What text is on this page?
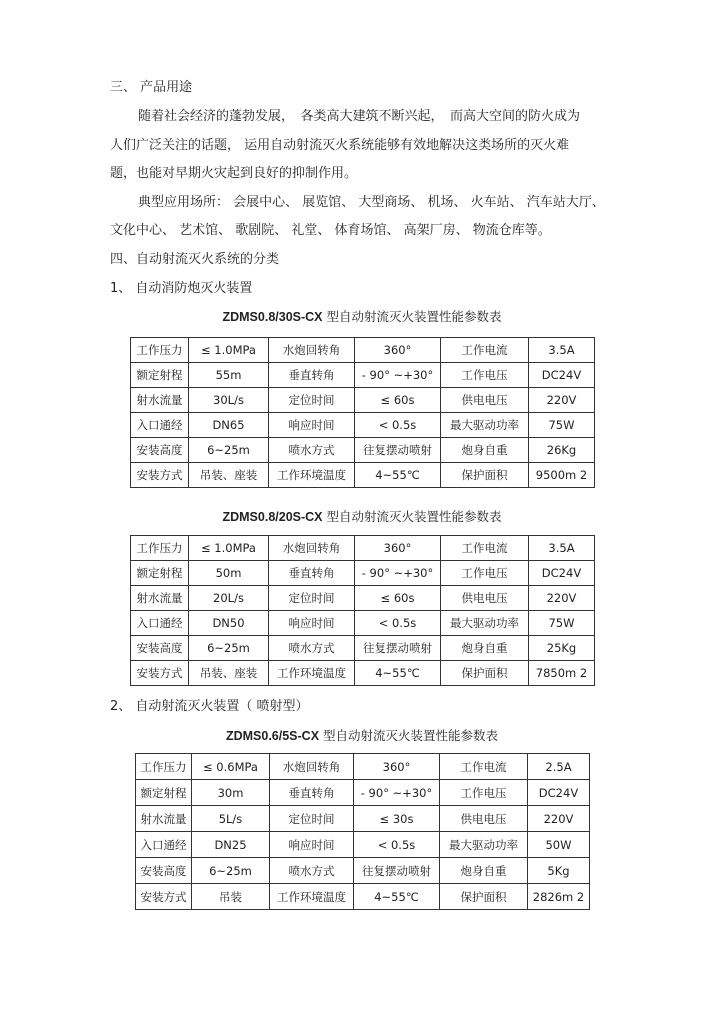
三、 产品用途
随着社会经济的蓬勃发展，　各类高大建筑不断兴起，　而高大空间的防火成为
人们广泛关注的话题， 运用自动射流灭火系统能够有效地解决这类场所的灭火难
题，也能对早期火灾起到良好的抑制作用。
典型应用场所： 会展中心、 展览馆、 大型商场、 机场、 火车站、 汽车站大厅、
文化中心、 艺术馆、 歌剧院、 礼堂、 体育场馆、 高架厂房、 物流仓库等。
四、自动射流灭火系统的分类
1、 自动消防炮灭火装置
ZDMS0.8/30S-CX 型自动射流灭火装置性能参数表
工作压力	≤ 1.0MPa	水炮回转角	360°	工作电流	3.5A
额定射程	55m	垂直转角	- 90° ~+30°	工作电压	DC24V
射水流量	30L/s	定位时间	≤ 60s	供电电压	220V
入口通经	DN65	响应时间	< 0.5s	最大驱动功率	75W
安装高度	6~25m	喷水方式	往复摆动喷射	炮身自重	26Kg
安装方式	吊装、座装	工作环境温度	4~55℃	保护面积	9500m 2
ZDMS0.8/20S-CX 型自动射流灭火装置性能参数表
工作压力	≤ 1.0MPa	水炮回转角	360°	工作电流	3.5A
额定射程	50m	垂直转角	- 90° ~+30°	工作电压	DC24V
射水流量	20L/s	定位时间	≤ 60s	供电电压	220V
入口通经	DN50	响应时间	< 0.5s	最大驱动功率	75W
安装高度	6~25m	喷水方式	往复摆动喷射	炮身自重	25Kg
安装方式	吊装、座装	工作环境温度	4~55℃	保护面积	7850m 2
2、 自动射流灭火装置（ 喷射型）
ZDMS0.6/5S-CX 型自动射流灭火装置性能参数表
工作压力	≤ 0.6MPa	水炮回转角	360°	工作电流	2.5A
额定射程	30m	垂直转角	- 90° ~+30°	工作电压	DC24V
射水流量	5L/s	定位时间	≤ 30s	供电电压	220V
入口通经	DN25	响应时间	< 0.5s	最大驱动功率	50W
安装高度	6~25m	喷水方式	往复摆动喷射	炮身自重	5Kg
安装方式	吊装	工作环境温度	4~55℃	保护面积	2826m 2
